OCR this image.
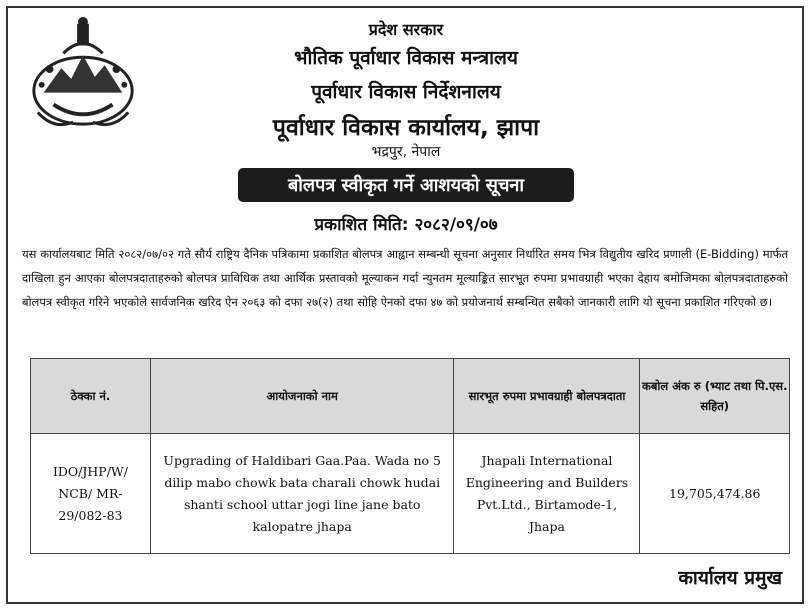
प्रदेश सरकार
भौतिक पूर्वाधार विकास मन्त्रालय
पूर्वाधार विकास निर्देशनालय
पूर्वाधार विकास कार्यालय, झापा
भद्रपुर, नेपाल
बोलपत्र स्वीकृत गर्ने आशयको सूचना
प्रकाशित मिति: २०८२/०९/०७
यस कार्यालयबाट मिति २०८२/०७/०२ गते सौर्य राष्ट्रिय दैनिक पत्रिकामा प्रकाशित बोलपत्र आह्वान सम्बन्धी सूचना अनुसार निर्धारित समय भित्र विद्युतीय खरिद प्रणाली (E-Bidding) मार्फत दाखिला हुन आएका बोलपत्रदाताहरुको बोलपत्र प्राविधिक तथा आर्थिक प्रस्तावको मूल्याकन गर्दा न्युनतम मूल्याङ्कित सारभूत रुपमा प्रभावग्राही भएका देहाय बमोजिमका बोलपत्रदाताहरुको बोलपत्र स्वीकृत गरिने भएकोले सार्वजनिक खरिद ऐन २०६३ को दफा २७(२) तथा सोहि ऐनको दफा ४७ को प्रयोजनार्थ सम्बन्धित सबैको जानकारी लागि यो सूचना प्रकाशित गरिएको छ।
ठेक्का नं.	आयोजनाको नाम	सारभूत रुपमा प्रभावग्राही बोलपत्रदाता	कबोल अंक रु (भ्याट तथा पि.एस. सहित)
IDO/JHP/W/ NCB/ MR-29/082-83	Upgrading of Haldibari Gaa.Paa. Wada no 5 dilip mabo chowk bata charali chowk hudai shanti school uttar jogi line jane bato kalopatre jhapa	Jhapali International Engineering and Builders Pvt.Ltd., Birtamode-1, Jhapa	19,705,474.86
कार्यालय प्रमुख
